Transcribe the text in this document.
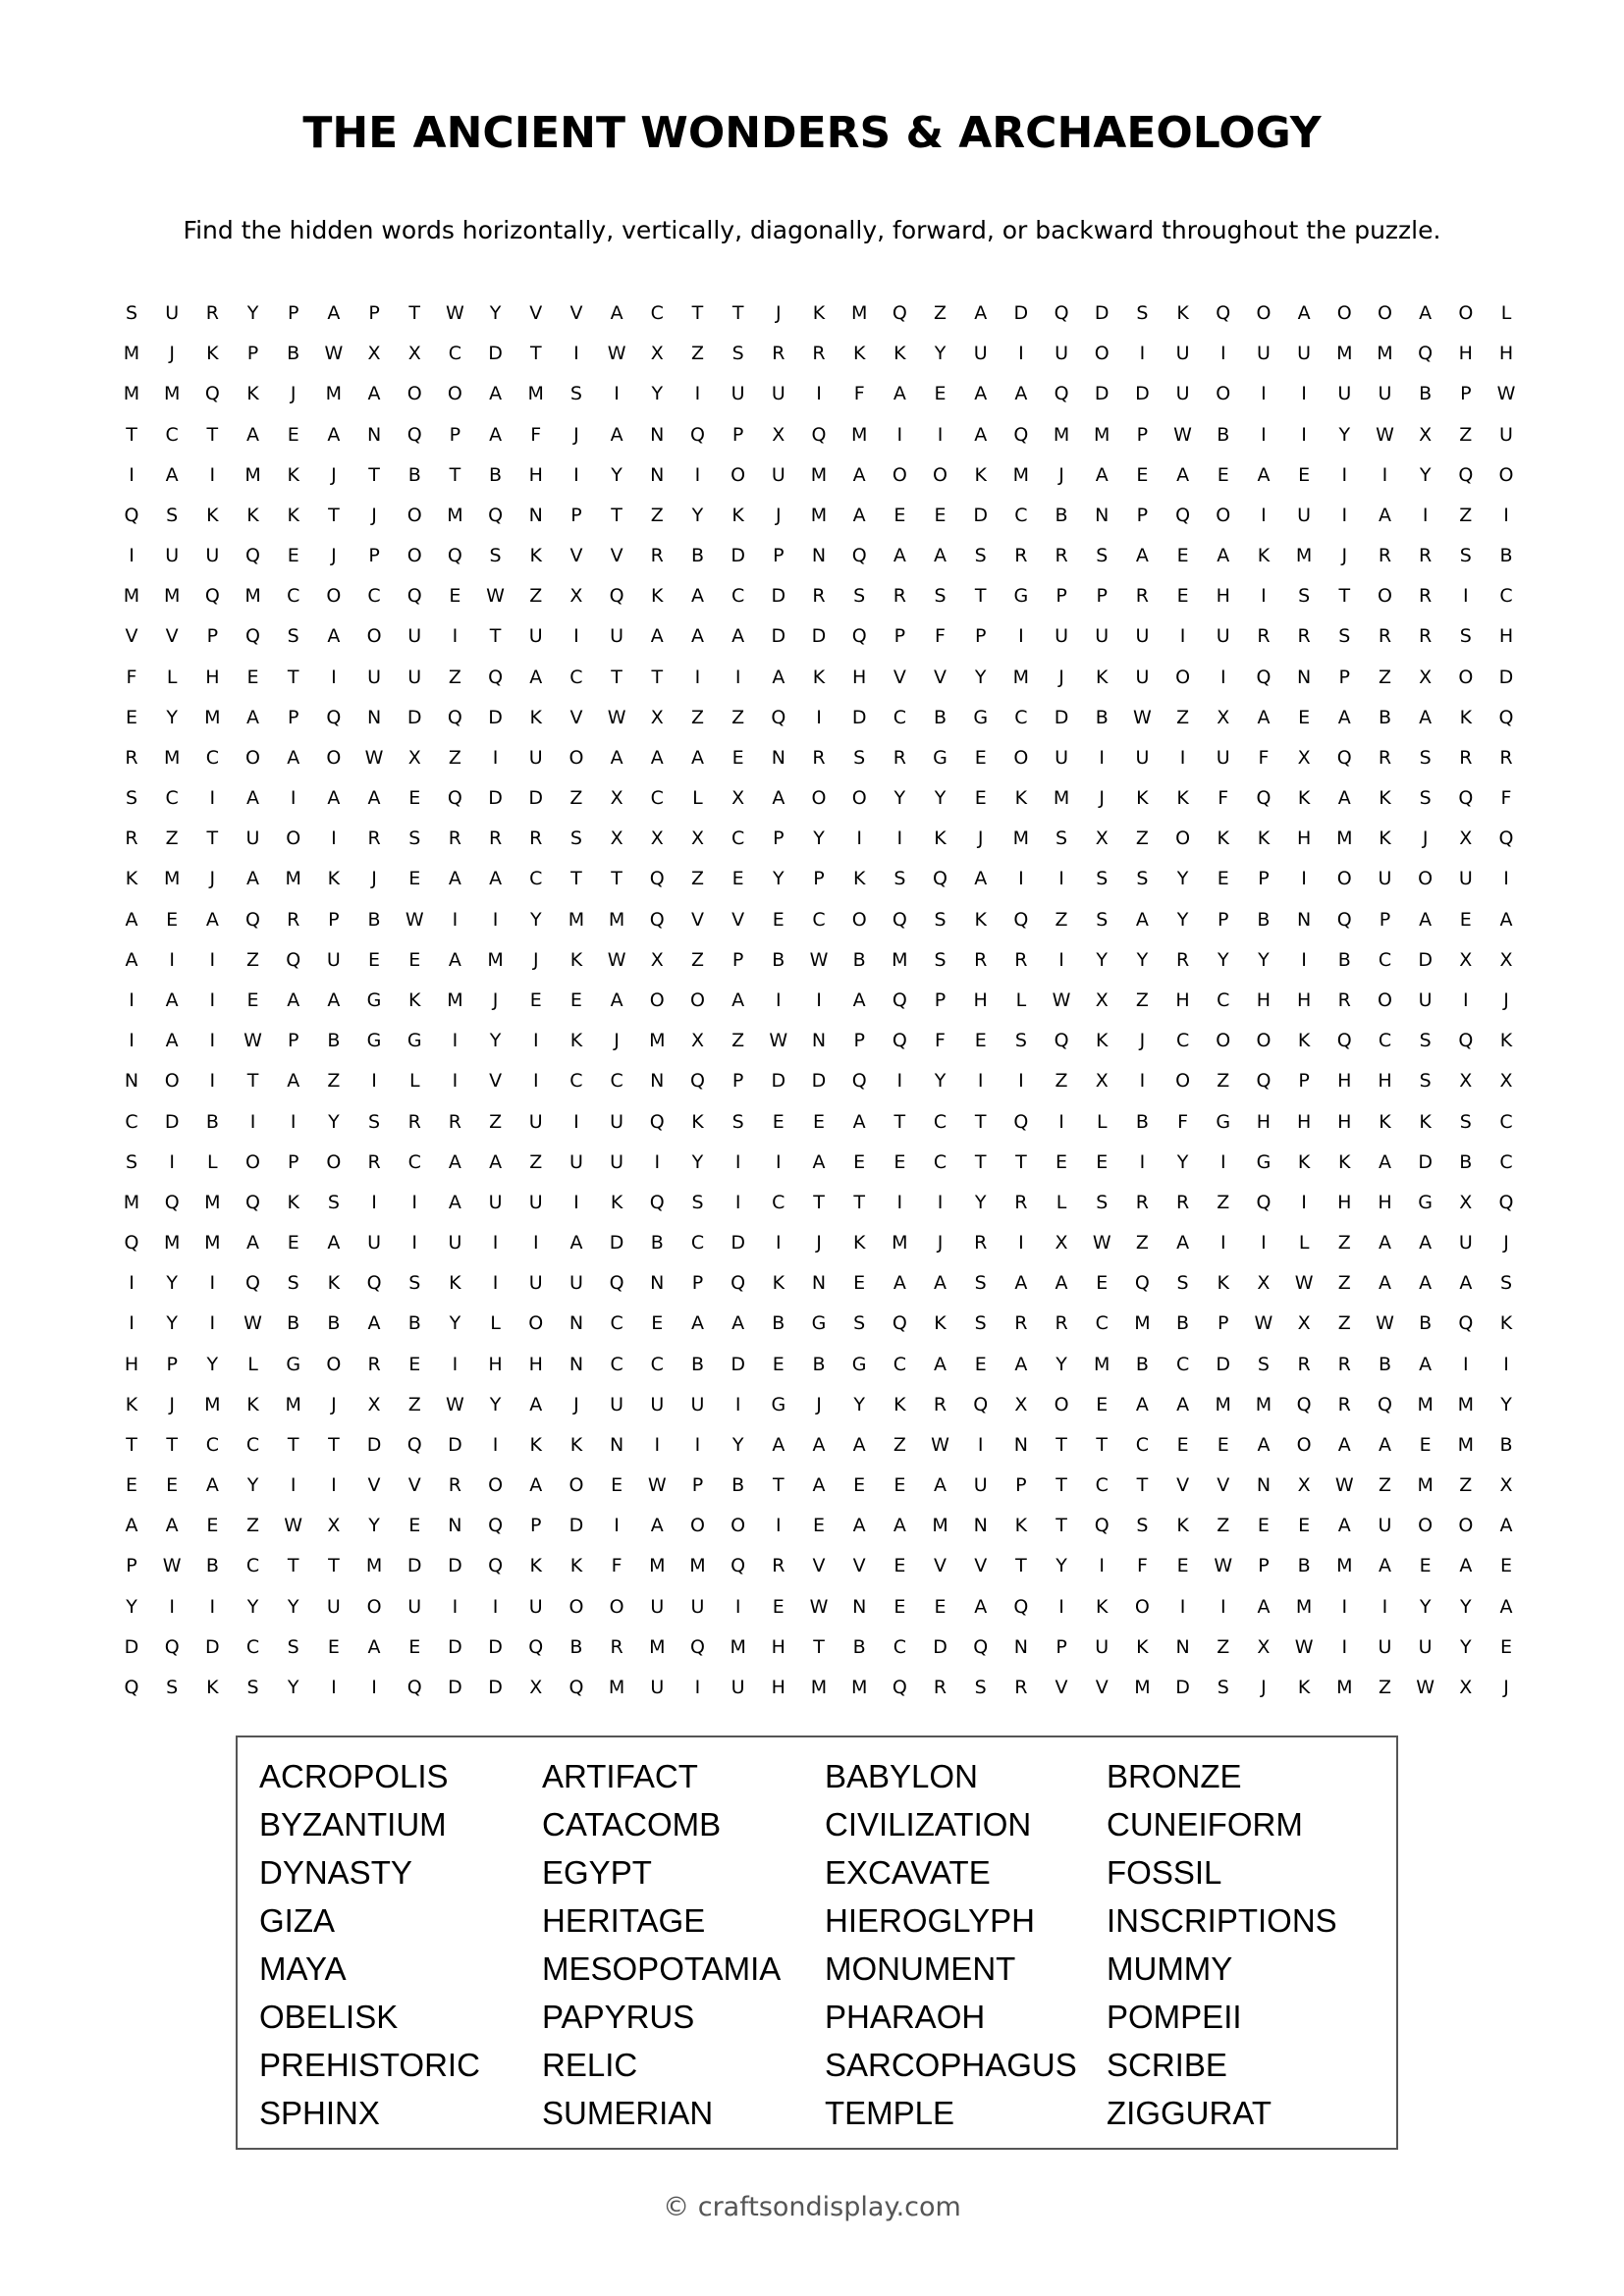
THE ANCIENT WONDERS & ARCHAEOLOGY
Find the hidden words horizontally, vertically, diagonally, forward, or backward throughout the puzzle.
S	U	R	Y	P	A	P	T	W	Y	V	V	A	C	T	T	J	K	M	Q	Z	A	D	Q	D	S	K	Q	O	A	O	O	A	O	L
M	J	K	P	B	W	X	X	C	D	T	I	W	X	Z	S	R	R	K	K	Y	U	I	U	O	I	U	I	U	U	M	M	Q	H	H
M	M	Q	K	J	M	A	O	O	A	M	S	I	Y	I	U	U	I	F	A	E	A	A	Q	D	D	U	O	I	I	U	U	B	P	W
T	C	T	A	E	A	N	Q	P	A	F	J	A	N	Q	P	X	Q	M	I	I	A	Q	M	M	P	W	B	I	I	Y	W	X	Z	U
I	A	I	M	K	J	T	B	T	B	H	I	Y	N	I	O	U	M	A	O	O	K	M	J	A	E	A	E	A	E	I	I	Y	Q	O
Q	S	K	K	K	T	J	O	M	Q	N	P	T	Z	Y	K	J	M	A	E	E	D	C	B	N	P	Q	O	I	U	I	A	I	Z	I
I	U	U	Q	E	J	P	O	Q	S	K	V	V	R	B	D	P	N	Q	A	A	S	R	R	S	A	E	A	K	M	J	R	R	S	B
M	M	Q	M	C	O	C	Q	E	W	Z	X	Q	K	A	C	D	R	S	R	S	T	G	P	P	R	E	H	I	S	T	O	R	I	C
V	V	P	Q	S	A	O	U	I	T	U	I	U	A	A	A	D	D	Q	P	F	P	I	U	U	U	I	U	R	R	S	R	R	S	H
F	L	H	E	T	I	U	U	Z	Q	A	C	T	T	I	I	A	K	H	V	V	Y	M	J	K	U	O	I	Q	N	P	Z	X	O	D
E	Y	M	A	P	Q	N	D	Q	D	K	V	W	X	Z	Z	Q	I	D	C	B	G	C	D	B	W	Z	X	A	E	A	B	A	K	Q
R	M	C	O	A	O	W	X	Z	I	U	O	A	A	A	E	N	R	S	R	G	E	O	U	I	U	I	U	F	X	Q	R	S	R	R
S	C	I	A	I	A	A	E	Q	D	D	Z	X	C	L	X	A	O	O	Y	Y	E	K	M	J	K	K	F	Q	K	A	K	S	Q	F
R	Z	T	U	O	I	R	S	R	R	R	S	X	X	X	C	P	Y	I	I	K	J	M	S	X	Z	O	K	K	H	M	K	J	X	Q
K	M	J	A	M	K	J	E	A	A	C	T	T	Q	Z	E	Y	P	K	S	Q	A	I	I	S	S	Y	E	P	I	O	U	O	U	I
A	E	A	Q	R	P	B	W	I	I	Y	M	M	Q	V	V	E	C	O	Q	S	K	Q	Z	S	A	Y	P	B	N	Q	P	A	E	A
A	I	I	Z	Q	U	E	E	A	M	J	K	W	X	Z	P	B	W	B	M	S	R	R	I	Y	Y	R	Y	Y	I	B	C	D	X	X
I	A	I	E	A	A	G	K	M	J	E	E	A	O	O	A	I	I	A	Q	P	H	L	W	X	Z	H	C	H	H	R	O	U	I	J
I	A	I	W	P	B	G	G	I	Y	I	K	J	M	X	Z	W	N	P	Q	F	E	S	Q	K	J	C	O	O	K	Q	C	S	Q	K
N	O	I	T	A	Z	I	L	I	V	I	C	C	N	Q	P	D	D	Q	I	Y	I	I	Z	X	I	O	Z	Q	P	H	H	S	X	X
C	D	B	I	I	Y	S	R	R	Z	U	I	U	Q	K	S	E	E	A	T	C	T	Q	I	L	B	F	G	H	H	H	K	K	S	C
S	I	L	O	P	O	R	C	A	A	Z	U	U	I	Y	I	I	A	E	E	C	T	T	E	E	I	Y	I	G	K	K	A	D	B	C
M	Q	M	Q	K	S	I	I	A	U	U	I	K	Q	S	I	C	T	T	I	I	Y	R	L	S	R	R	Z	Q	I	H	H	G	X	Q
Q	M	M	A	E	A	U	I	U	I	I	A	D	B	C	D	I	J	K	M	J	R	I	X	W	Z	A	I	I	L	Z	A	A	U	J
I	Y	I	Q	S	K	Q	S	K	I	U	U	Q	N	P	Q	K	N	E	A	A	S	A	A	E	Q	S	K	X	W	Z	A	A	A	S
I	Y	I	W	B	B	A	B	Y	L	O	N	C	E	A	A	B	G	S	Q	K	S	R	R	C	M	B	P	W	X	Z	W	B	Q	K
H	P	Y	L	G	O	R	E	I	H	H	N	C	C	B	D	E	B	G	C	A	E	A	Y	M	B	C	D	S	R	R	B	A	I	I
K	J	M	K	M	J	X	Z	W	Y	A	J	U	U	U	I	G	J	Y	K	R	Q	X	O	E	A	A	M	M	Q	R	Q	M	M	Y
T	T	C	C	T	T	D	Q	D	I	K	K	N	I	I	Y	A	A	A	Z	W	I	N	T	T	C	E	E	A	O	A	A	E	M	B
E	E	A	Y	I	I	V	V	R	O	A	O	E	W	P	B	T	A	E	E	A	U	P	T	C	T	V	V	N	X	W	Z	M	Z	X
A	A	E	Z	W	X	Y	E	N	Q	P	D	I	A	O	O	I	E	A	A	M	N	K	T	Q	S	K	Z	E	E	A	U	O	O	A
P	W	B	C	T	T	M	D	D	Q	K	K	F	M	M	Q	R	V	V	E	V	V	T	Y	I	F	E	W	P	B	M	A	E	A	E
Y	I	I	Y	Y	U	O	U	I	I	U	O	O	U	U	I	E	W	N	E	E	A	Q	I	K	O	I	I	A	M	I	I	Y	Y	A
D	Q	D	C	S	E	A	E	D	D	Q	B	R	M	Q	M	H	T	B	C	D	Q	N	P	U	K	N	Z	X	W	I	U	U	Y	E
Q	S	K	S	Y	I	I	Q	D	D	X	Q	M	U	I	U	H	M	M	Q	R	S	R	V	V	M	D	S	J	K	M	Z	W	X	J
ACROPOLIS	ARTIFACT	BABYLON	BRONZE
BYZANTIUM	CATACOMB	CIVILIZATION CUNEIFORM
DYNASTY	EGYPT	EXCAVATE	FOSSIL
GIZA	HERITAGE	HIEROGLYPH INSCRIPTIONS
MAYA	MESOPOTAMIA MONUMENT	MUMMY
OBELISK	PAPYRUS	PHARAOH	POMPEII
PREHISTORIC RELIC	SARCOPHAGUS SCRIBE
SPHINX	SUMERIAN	TEMPLE	ZIGGURAT
© craftsondisplay.com
